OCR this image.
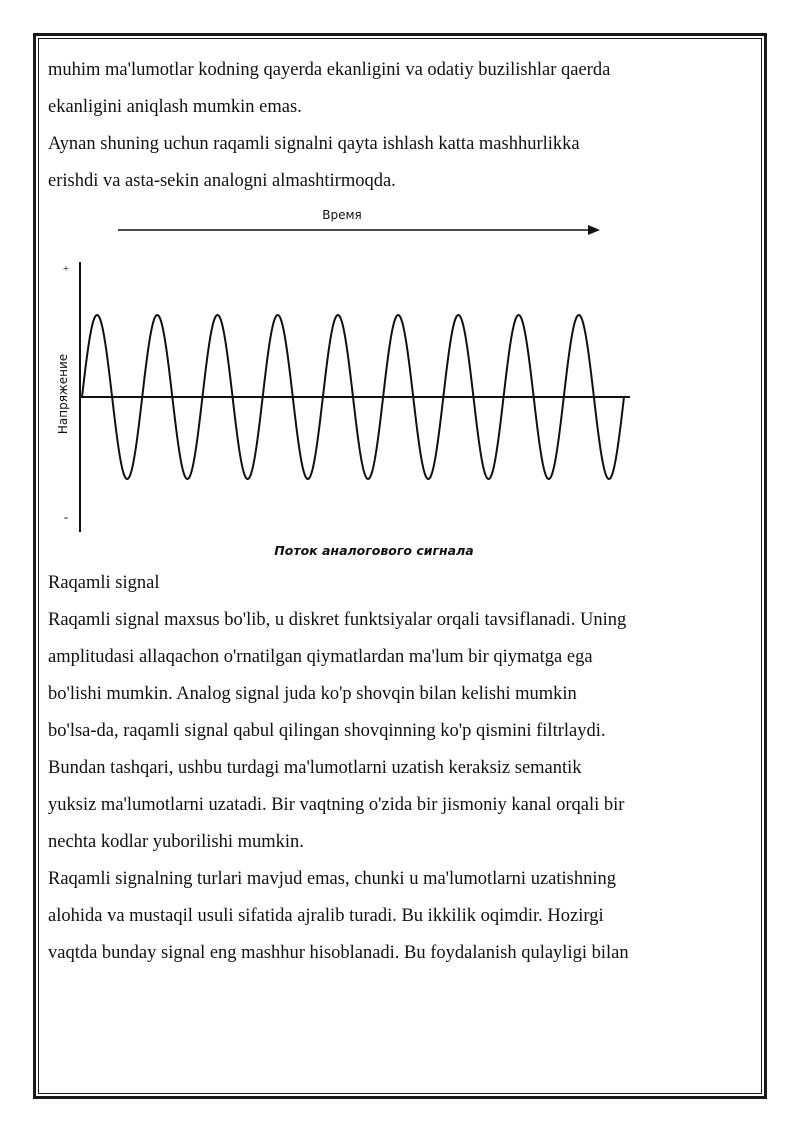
muhim ma'lumotlar kodning qayerda ekanligini va odatiy buzilishlar qaerda
ekanligini aniqlash mumkin emas.
Aynan shuning uchun raqamli signalni qayta ishlash katta mashhurlikka
erishdi va asta-sekin analogni almashtirmoqda.
Время
+
-
Напряжение
Поток аналогового сигнала
Raqamli signal
Raqamli signal maxsus bo'lib, u diskret funktsiyalar orqali tavsiflanadi. Uning
amplitudasi allaqachon o'rnatilgan qiymatlardan ma'lum bir qiymatga ega
bo'lishi mumkin. Analog signal juda ko'p shovqin bilan kelishi mumkin
bo'lsa-da, raqamli signal qabul qilingan shovqinning ko'p qismini filtrlaydi.
Bundan tashqari, ushbu turdagi ma'lumotlarni uzatish keraksiz semantik
yuksiz ma'lumotlarni uzatadi. Bir vaqtning o'zida bir jismoniy kanal orqali bir
nechta kodlar yuborilishi mumkin.
Raqamli signalning turlari mavjud emas, chunki u ma'lumotlarni uzatishning
alohida va mustaqil usuli sifatida ajralib turadi. Bu ikkilik oqimdir. Hozirgi
vaqtda bunday signal eng mashhur hisoblanadi. Bu foydalanish qulayligi bilan
